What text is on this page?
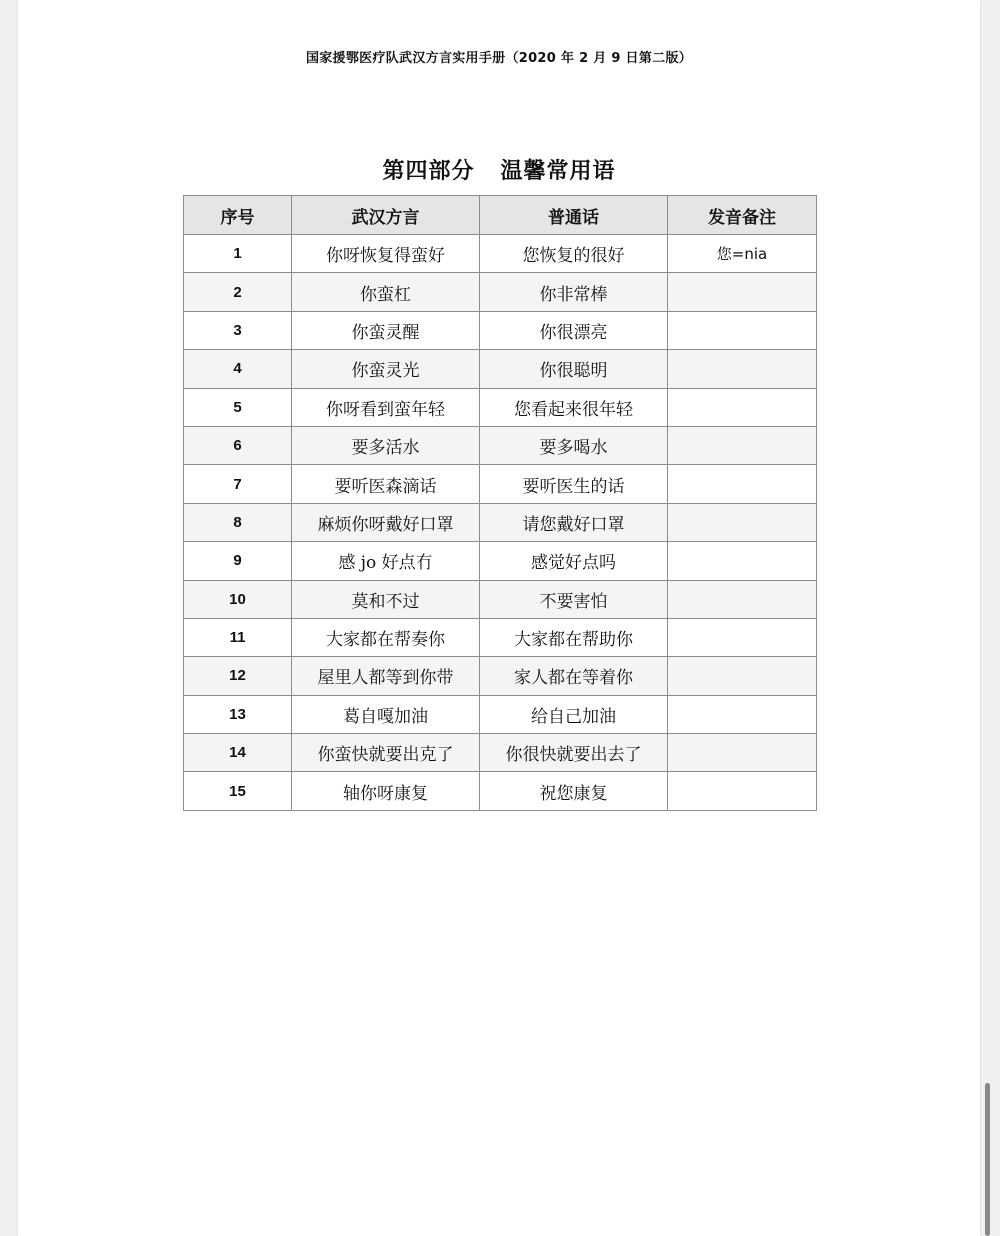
国家援鄂医疗队武汉方言实用手册（2020 年 2 月 9 日第二版）
第四部分   温馨常用语
序号	武汉方言	普通话	发音备注
1	你呀恢复得蛮好	您恢复的很好	您=nia
2	你蛮杠	你非常棒	
3	你蛮灵醒	你很漂亮	
4	你蛮灵光	你很聪明	
5	你呀看到蛮年轻	您看起来很年轻	
6	要多活水	要多喝水	
7	要听医森滴话	要听医生的话	
8	麻烦你呀戴好口罩	请您戴好口罩	
9	感 jo 好点冇	感觉好点吗	
10	莫和不过	不要害怕	
11	大家都在帮奏你	大家都在帮助你	
12	屋里人都等到你带	家人都在等着你	
13	葛自嘎加油	给自己加油	
14	你蛮快就要出克了	你很快就要出去了	
15	轴你呀康复	祝您康复	
